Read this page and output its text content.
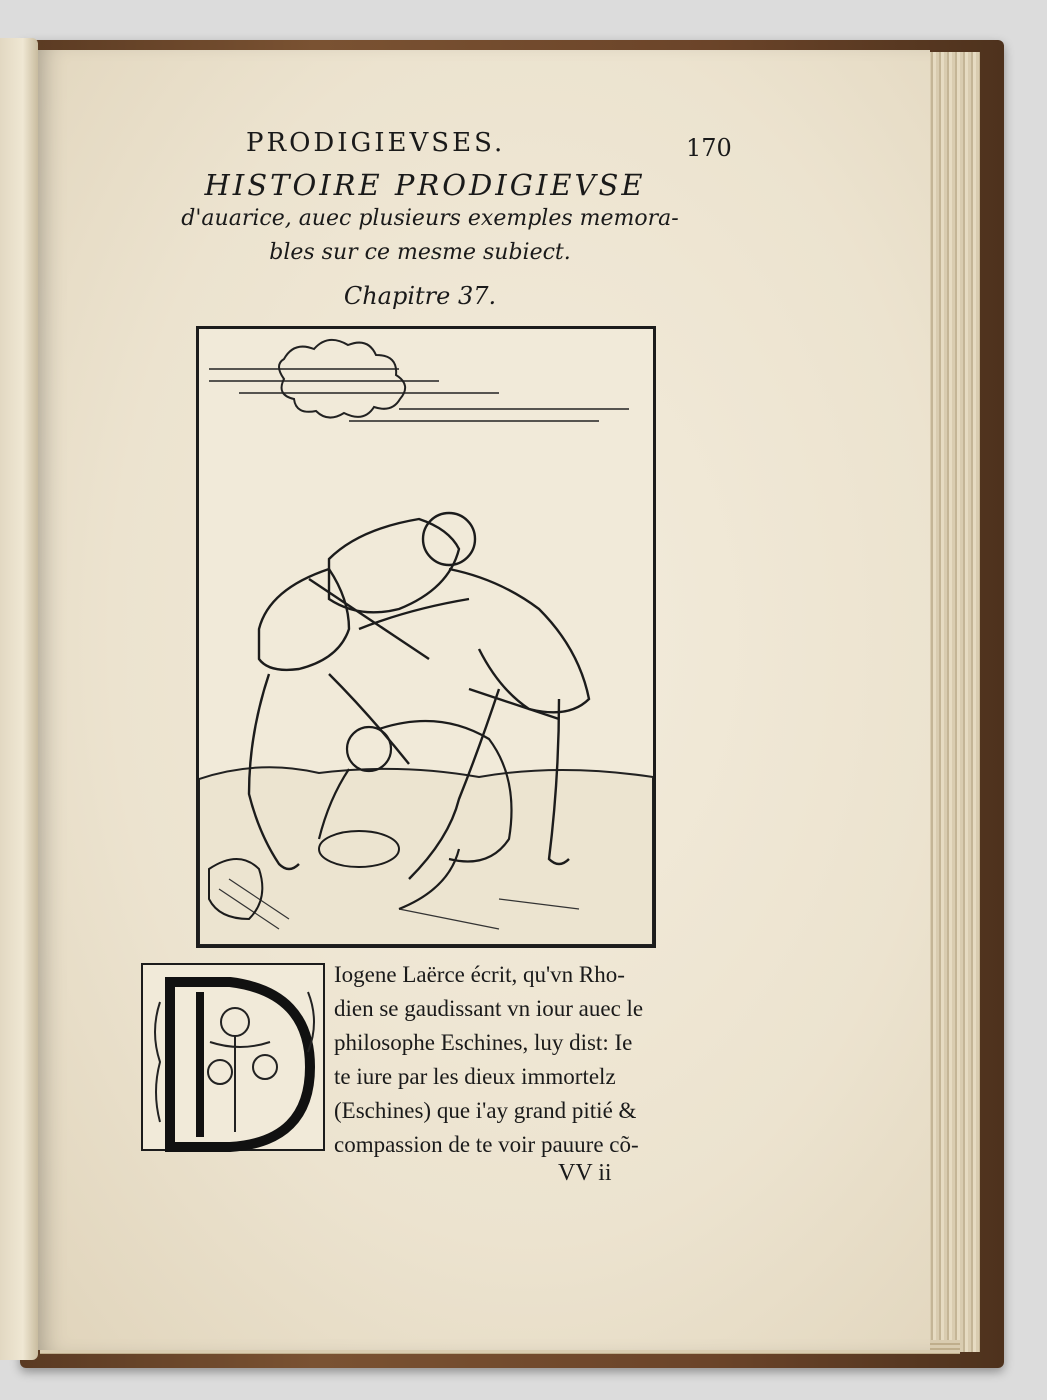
PRODIGIEVSES.	170
HISTOIRE PRODIGIEVSE
d'auarice, auec plusieurs exemples memora-
bles sur ce mesme subiect.
Chapitre 37.
Iogene Laërce écrit, qu'vn Rho-
dien se gaudissant vn iour auec le
philosophe Eschines, luy dist: Ie
te iure par les dieux immortelz
(Eschines) que i'ay grand pitié &
compassion de te voir pauure cõ-
VV ii
